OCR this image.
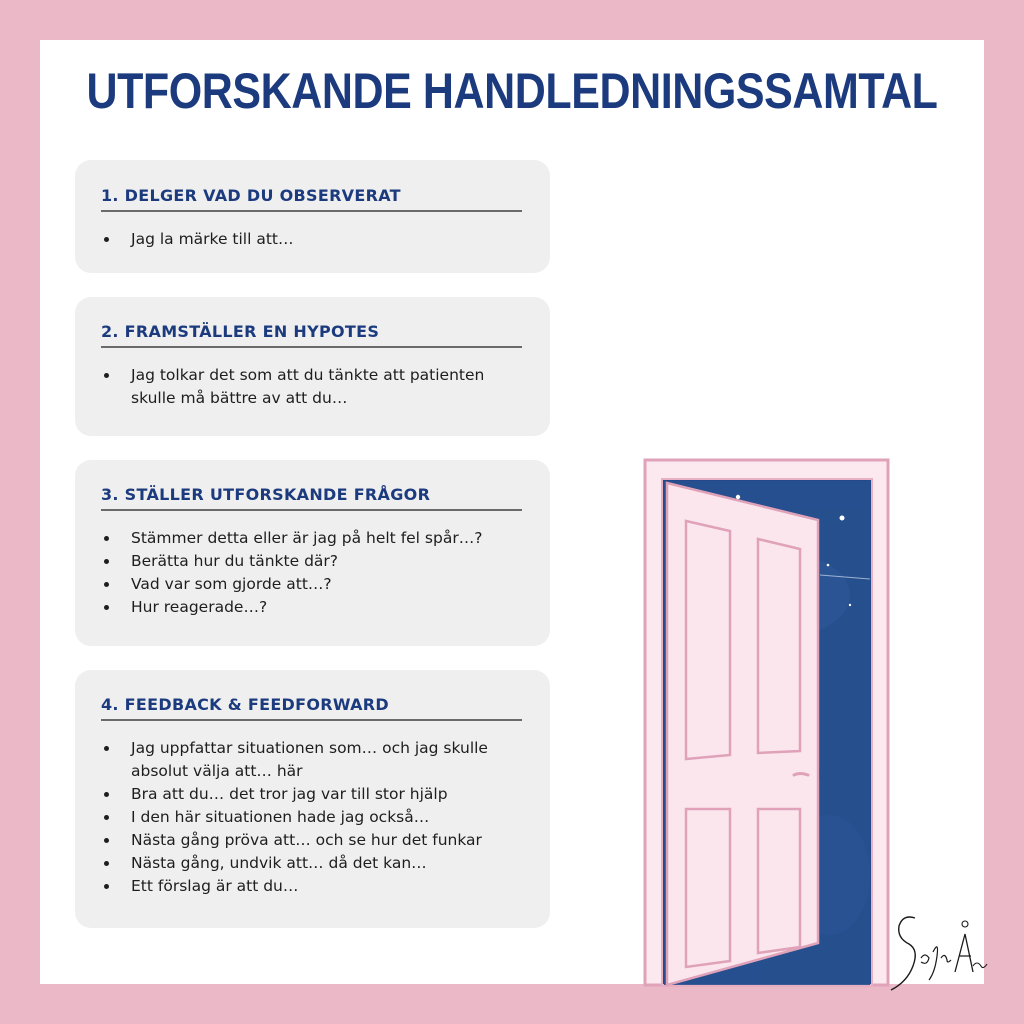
UTFORSKANDE HANDLEDNINGSSAMTAL
1. DELGER VAD DU OBSERVERAT
Jag la märke till att…
2. FRAMSTÄLLER EN HYPOTES
Jag tolkar det som att du tänkte att patienten skulle må bättre av att du…
3. STÄLLER UTFORSKANDE FRÅGOR
Stämmer detta eller är jag på helt fel spår…?
Berätta hur du tänkte där?
Vad var som gjorde att…?
Hur reagerade…?
4. FEEDBACK & FEEDFORWARD
Jag uppfattar situationen som… och jag skulle absolut välja att… här
Bra att du… det tror jag var till stor hjälp
I den här situationen hade jag också…
Nästa gång pröva att… och se hur det funkar
Nästa gång, undvik att… då det kan…
Ett förslag är att du…
